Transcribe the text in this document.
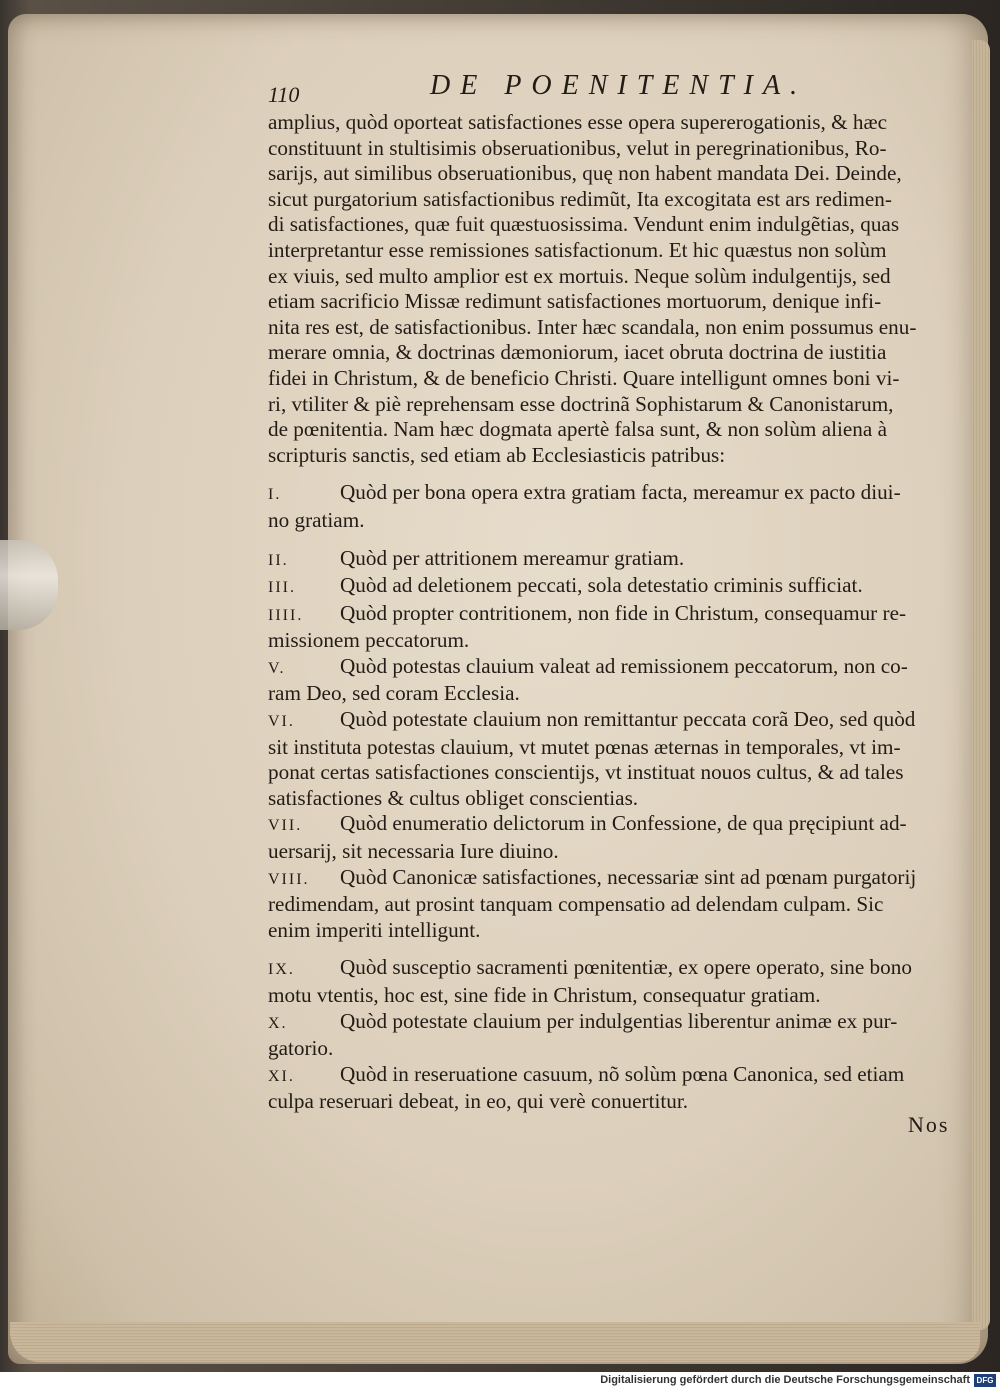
110	DE POENITENTIA.
amplius, quòd oporteat satisfactiones esse opera supererogationis, & hæc
constituunt in stultisimis obseruationibus, velut in peregrinationibus, Ro-
sarijs, aut similibus obseruationibus, quę non habent mandata Dei. Deinde,
sicut purgatorium satisfactionibus redimũt, Ita excogitata est ars redimen-
di satisfactiones, quæ fuit quæstuosissima. Vendunt enim indulgẽtias, quas
interpretantur esse remissiones satisfactionum. Et hic quæstus non solùm
ex viuis, sed multo amplior est ex mortuis. Neque solùm indulgentijs, sed
etiam sacrificio Missæ redimunt satisfactiones mortuorum, denique infi-
nita res est, de satisfactionibus. Inter hæc scandala, non enim possumus enu-
merare omnia, & doctrinas dæmoniorum, iacet obruta doctrina de iustitia
fidei in Christum, & de beneficio Christi. Quare intelligunt omnes boni vi-
ri, vtiliter & piè reprehensam esse doctrinã Sophistarum & Canonistarum,
de pœnitentia. Nam hæc dogmata apertè falsa sunt, & non solùm aliena à
scripturis sanctis, sed etiam ab Ecclesiasticis patribus:
I.	Quòd per bona opera extra gratiam facta, mereamur ex pacto diui-
no gratiam.
II. Quòd per attritionem mereamur gratiam.
III. Quòd ad deletionem peccati, sola detestatio criminis sufficiat.
IIII. Quòd propter contritionem, non fide in Christum, consequamur re-
missionem peccatorum.
V.	Quòd potestas clauium valeat ad remissionem peccatorum, non co-
ram Deo, sed coram Ecclesia.
VI. Quòd potestate clauium non remittantur peccata corã Deo, sed quòd
sit instituta potestas clauium, vt mutet pœnas æternas in temporales, vt im-
ponat certas satisfactiones conscientijs, vt instituat nouos cultus, & ad tales
satisfactiones & cultus obliget conscientias.
VII. Quòd enumeratio delictorum in Confessione, de qua pręcipiunt ad-
uersarij, sit necessaria Iure diuino.
VIII. Quòd Canonicæ satisfactiones, necessariæ sint ad pœnam purgatorij
redimendam, aut prosint tanquam compensatio ad delendam culpam. Sic
enim imperiti intelligunt.
IX. Quòd susceptio sacramenti pœnitentiæ, ex opere operato, sine bono
motu vtentis, hoc est, sine fide in Christum, consequatur gratiam.
X. Quòd potestate clauium per indulgentias liberentur animæ ex pur-
gatorio.
XI. Quòd in reseruatione casuum, nõ solùm pœna Canonica, sed etiam
culpa reseruari debeat, in eo, qui verè conuertitur.
Nos
Digitalisierung gefördert durch die Deutsche Forschungsgemeinschaft DFG
